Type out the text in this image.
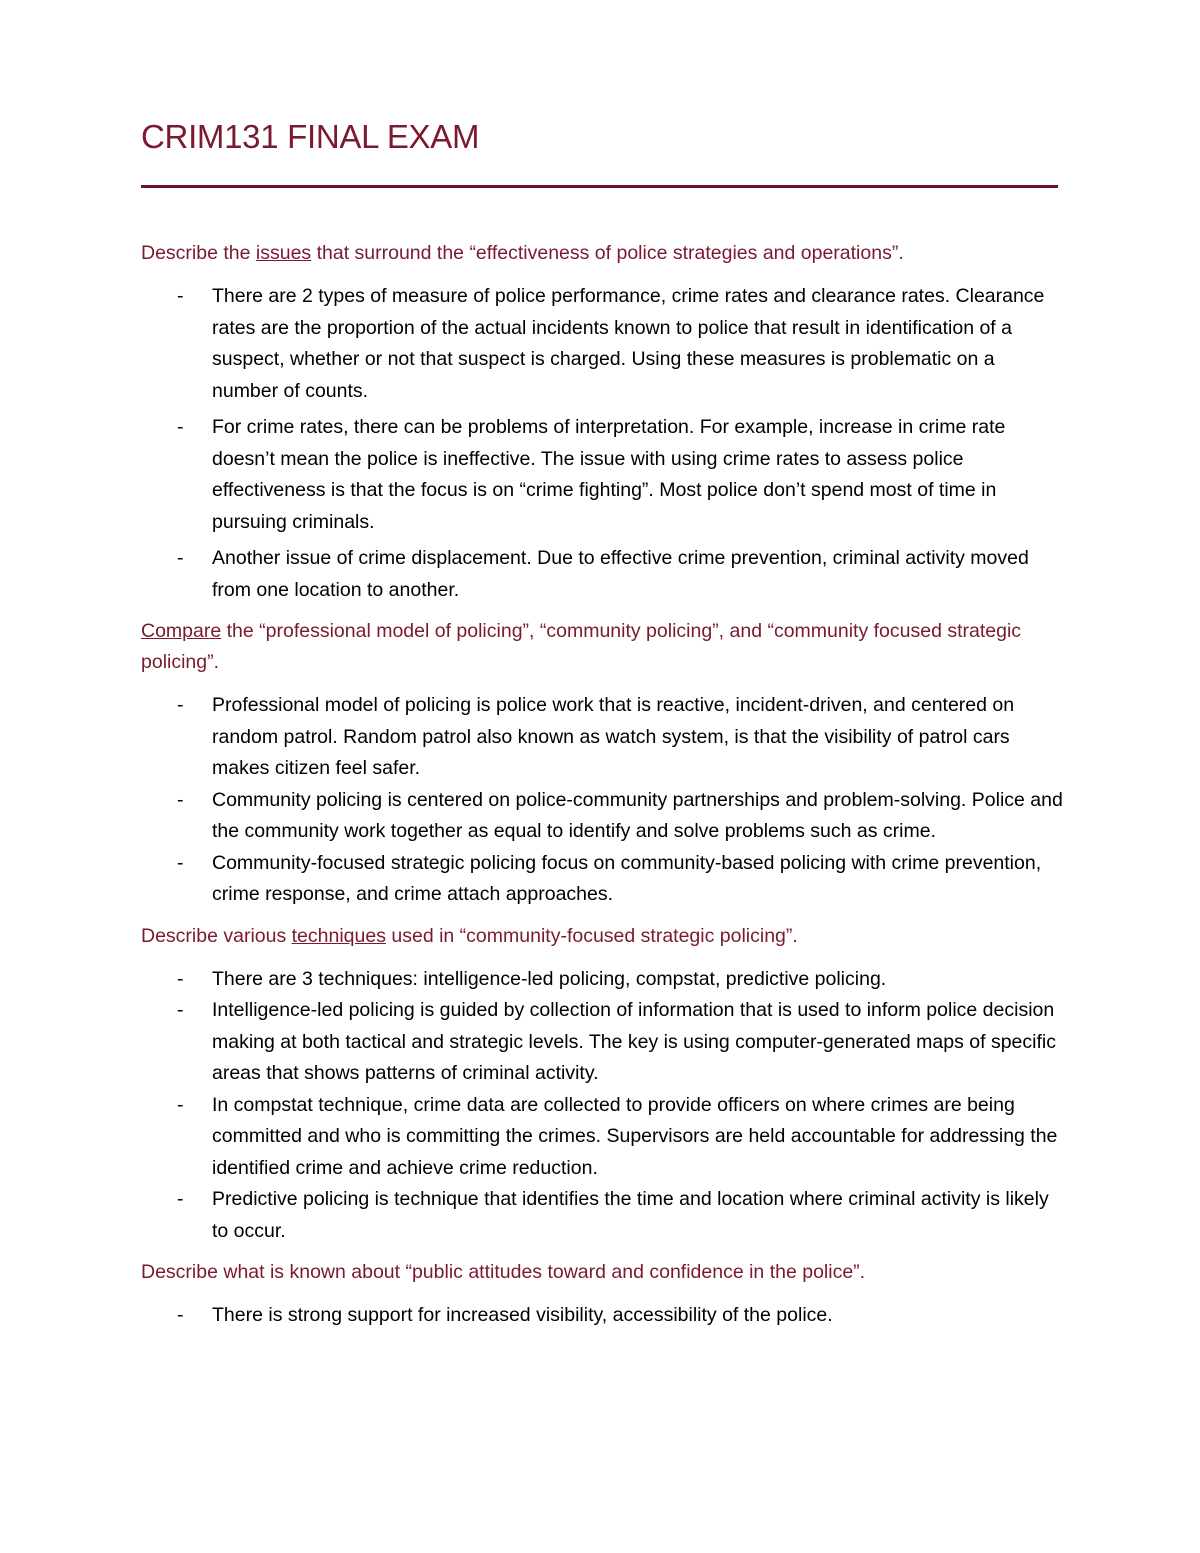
CRIM131 FINAL EXAM

Describe the issues that surround the “effectiveness of police strategies and operations”.

- There are 2 types of measure of police performance, crime rates and clearance rates. Clearance rates are the proportion of the actual incidents known to police that result in identification of a suspect, whether or not that suspect is charged. Using these measures is problematic on a number of counts.
- For crime rates, there can be problems of interpretation. For example, increase in crime rate doesn’t mean the police is ineffective. The issue with using crime rates to assess police effectiveness is that the focus is on “crime fighting”. Most police don’t spend most of time in pursuing criminals.
- Another issue of crime displacement. Due to effective crime prevention, criminal activity moved from one location to another.

Compare the “professional model of policing”, “community policing”, and “community focused strategic policing”.

- Professional model of policing is police work that is reactive, incident-driven, and centered on random patrol. Random patrol also known as watch system, is that the visibility of patrol cars makes citizen feel safer.
- Community policing is centered on police-community partnerships and problem-solving. Police and the community work together as equal to identify and solve problems such as crime.
- Community-focused strategic policing focus on community-based policing with crime prevention, crime response, and crime attach approaches.

Describe various techniques used in “community-focused strategic policing”.

- There are 3 techniques: intelligence-led policing, compstat, predictive policing.
- Intelligence-led policing is guided by collection of information that is used to inform police decision making at both tactical and strategic levels. The key is using computer-generated maps of specific areas that shows patterns of criminal activity.
- In compstat technique, crime data are collected to provide officers on where crimes are being committed and who is committing the crimes. Supervisors are held accountable for addressing the identified crime and achieve crime reduction.
- Predictive policing is technique that identifies the time and location where criminal activity is likely to occur.

Describe what is known about “public attitudes toward and confidence in the police”.

- There is strong support for increased visibility, accessibility of the police.
